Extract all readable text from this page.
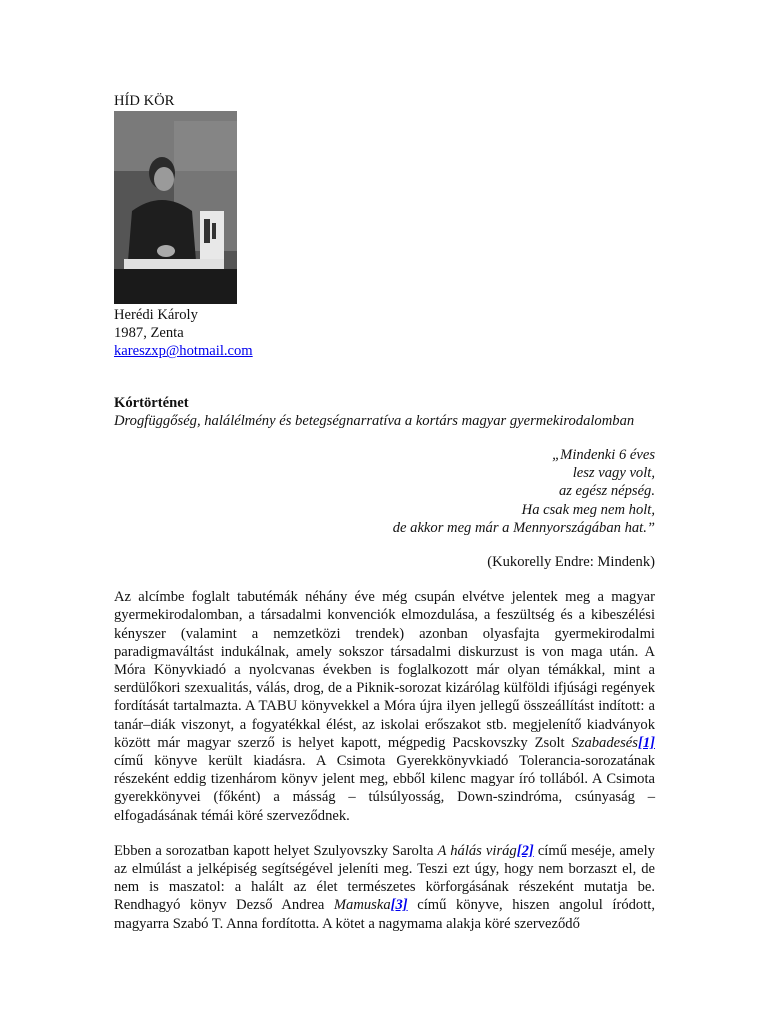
HÍD KÖR
Herédi Károly
1987, Zenta
kareszxp@hotmail.com
Kórtörténet
Drogfüggőség, halálélmény és betegségnarratíva a kortárs magyar gyermekirodalomban
„Mindenki 6 éves
lesz vagy volt,
az egész népség.
Ha csak meg nem holt,
de akkor meg már a Mennyországában hat.”
(Kukorelly Endre: Mindenk)

Az alcímbe foglalt tabutémák néhány éve még csupán elvétve jelentek meg a magyar gyermekirodalomban, a társadalmi konvenciók elmozdulása, a feszültség és a kibeszélési kényszer (valamint a nemzetközi trendek) azonban olyasfajta gyermekirodalmi paradigmaváltást indukálnak, amely sokszor társadalmi diskurzust is von maga után. A Móra Könyvkiadó a nyolcvanas években is foglalkozott már olyan témákkal, mint a serdülőkori szexualitás, válás, drog, de a Piknik-sorozat kizárólag külföldi ifjúsági regények fordítását tartalmazta. A TABU könyvekkel a Móra újra ilyen jellegű összeállítást indított: a tanár–diák viszonyt, a fogyatékkal élést, az iskolai erőszakot stb. megjelenítő kiadványok között már magyar szerző is helyet kapott, mégpedig Pacskovszky Zsolt Szabadesés[1] című könyve került kiadásra. A Csimota Gyerekkönyvkiadó Tolerancia-sorozatának részeként eddig tizenhárom könyv jelent meg, ebből kilenc magyar író tollából. A Csimota gyerekkönyvei (főként) a másság – túlsúlyosság, Down-szindróma, csúnyaság – elfogadásának témái köré szerveződnek.

Ebben a sorozatban kapott helyet Szulyovszky Sarolta A hálás virág[2] című meséje, amely az elmúlást a jelképiség segítségével jeleníti meg. Teszi ezt úgy, hogy nem borzaszt el, de nem is maszatol: a halált az élet természetes körforgásának részeként mutatja be. Rendhagyó könyv Dezső Andrea Mamuska[3] című könyve, hiszen angolul íródott, magyarra Szabó T. Anna fordította. A kötet a nagymama alakja köré szerveződő
